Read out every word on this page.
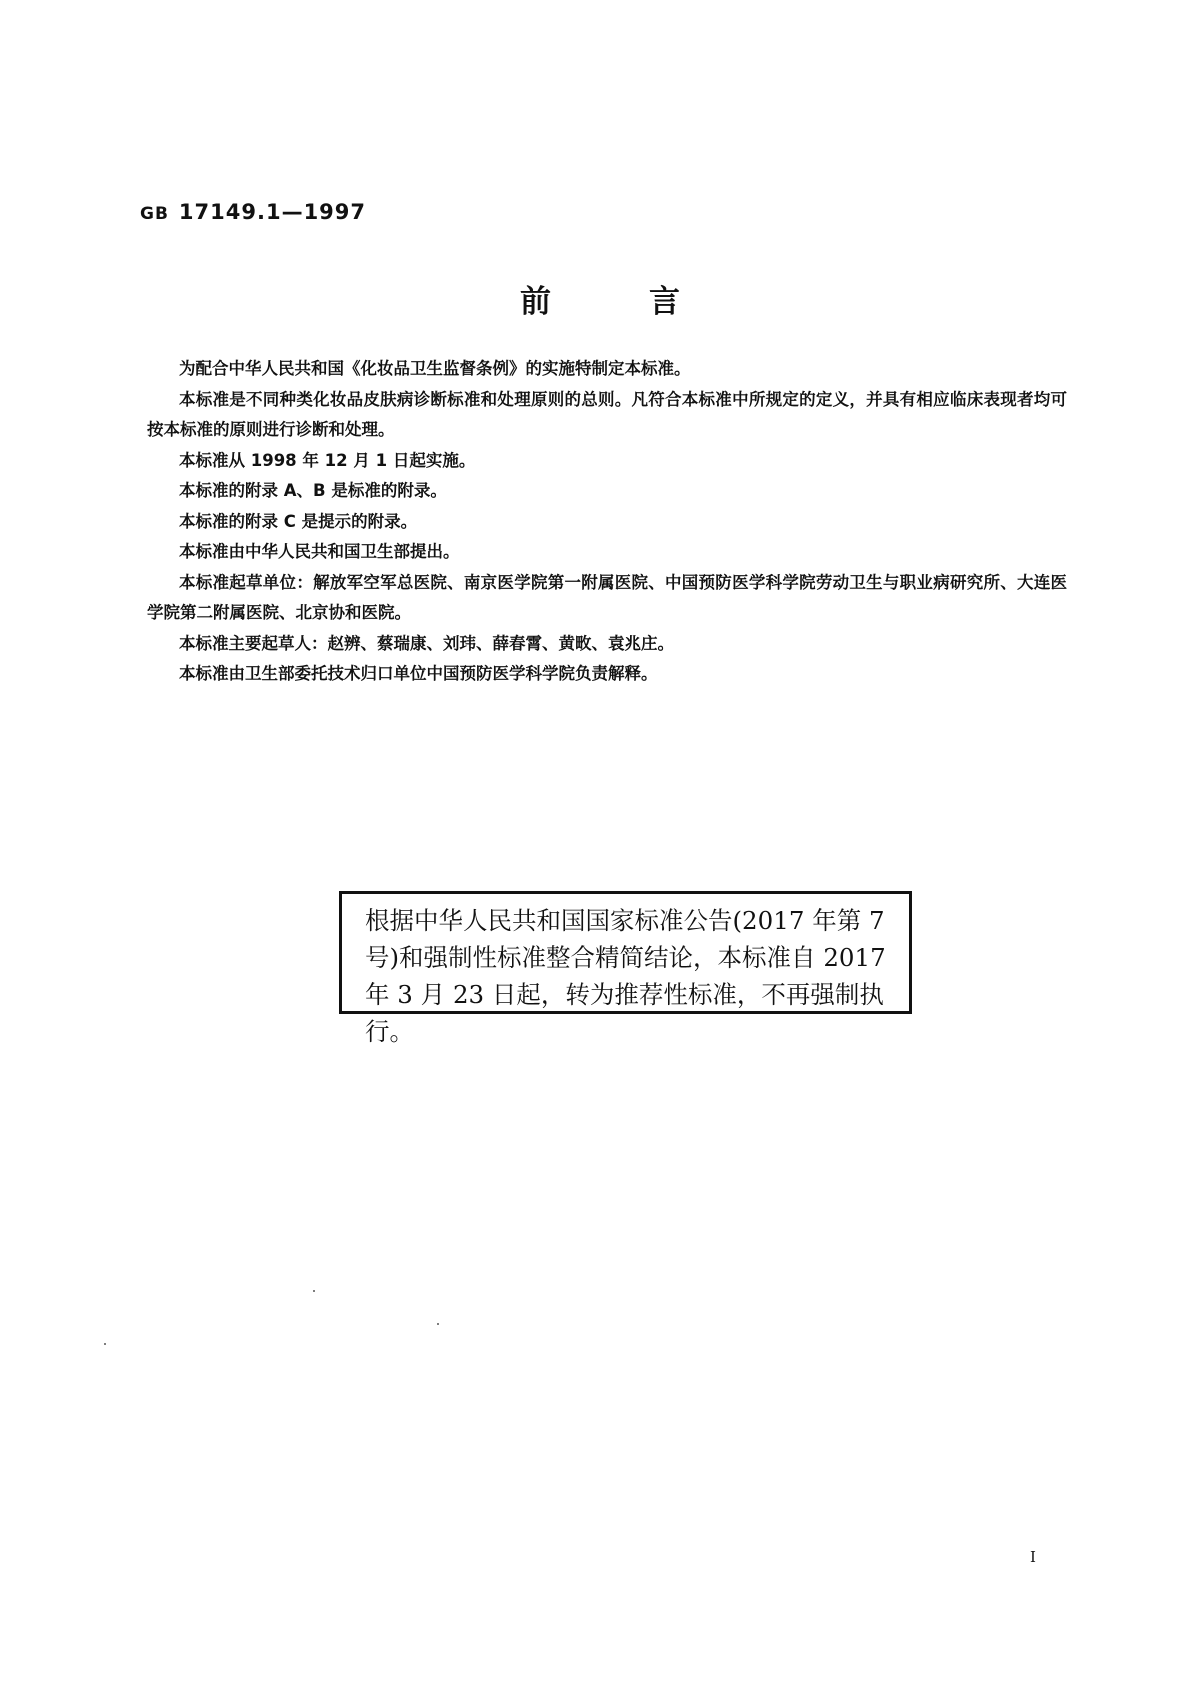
GB 17149.1—1997
前言

为配合中华人民共和国《化妆品卫生监督条例》的实施特制定本标准。

本标准是不同种类化妆品皮肤病诊断标准和处理原则的总则。凡符合本标准中所规定的定义，并具有相应临床表现者均可按本标准的原则进行诊断和处理。

本标准从 1998 年 12 月 1 日起实施。

本标准的附录 A、B 是标准的附录。

本标准的附录 C 是提示的附录。

本标准由中华人民共和国卫生部提出。

本标准起草单位：解放军空军总医院、南京医学院第一附属医院、中国预防医学科学院劳动卫生与职业病研究所、大连医学院第二附属医院、北京协和医院。

本标准主要起草人：赵辨、蔡瑞康、刘玮、薛春霄、黄畋、袁兆庄。

本标准由卫生部委托技术归口单位中国预防医学科学院负责解释。

根据中华人民共和国国家标准公告(2017 年第 7 号)和强制性标准整合精简结论，本标准自 2017 年 3 月 23 日起，转为推荐性标准，不再强制执行。
I
